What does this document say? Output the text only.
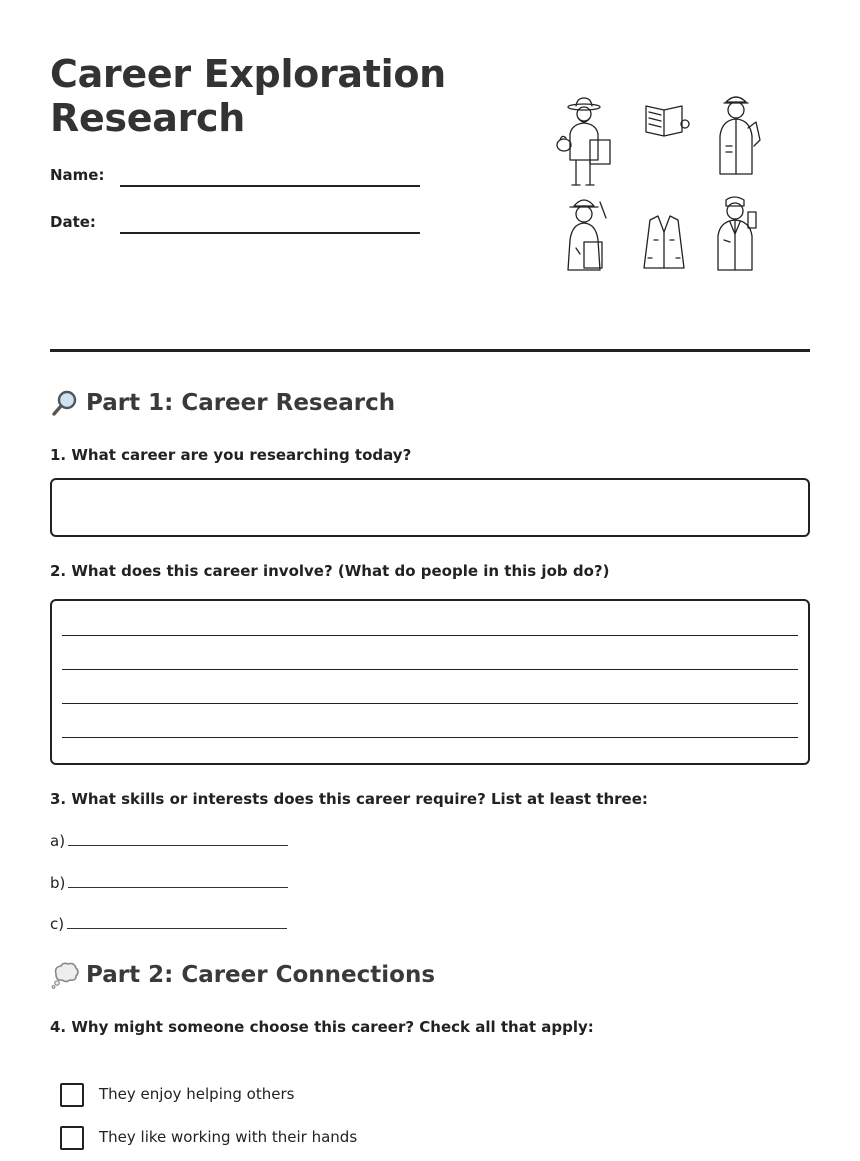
Career Exploration
Research
Name:
Date:
Part 1: Career Research
1. What career are you researching today?
2. What does this career involve? (What do people in this job do?)
3. What skills or interests does this career require? List at least three:
a)
b)
c)
Part 2: Career Connections
4. Why might someone choose this career? Check all that apply:
They enjoy helping others
They like working with their hands
